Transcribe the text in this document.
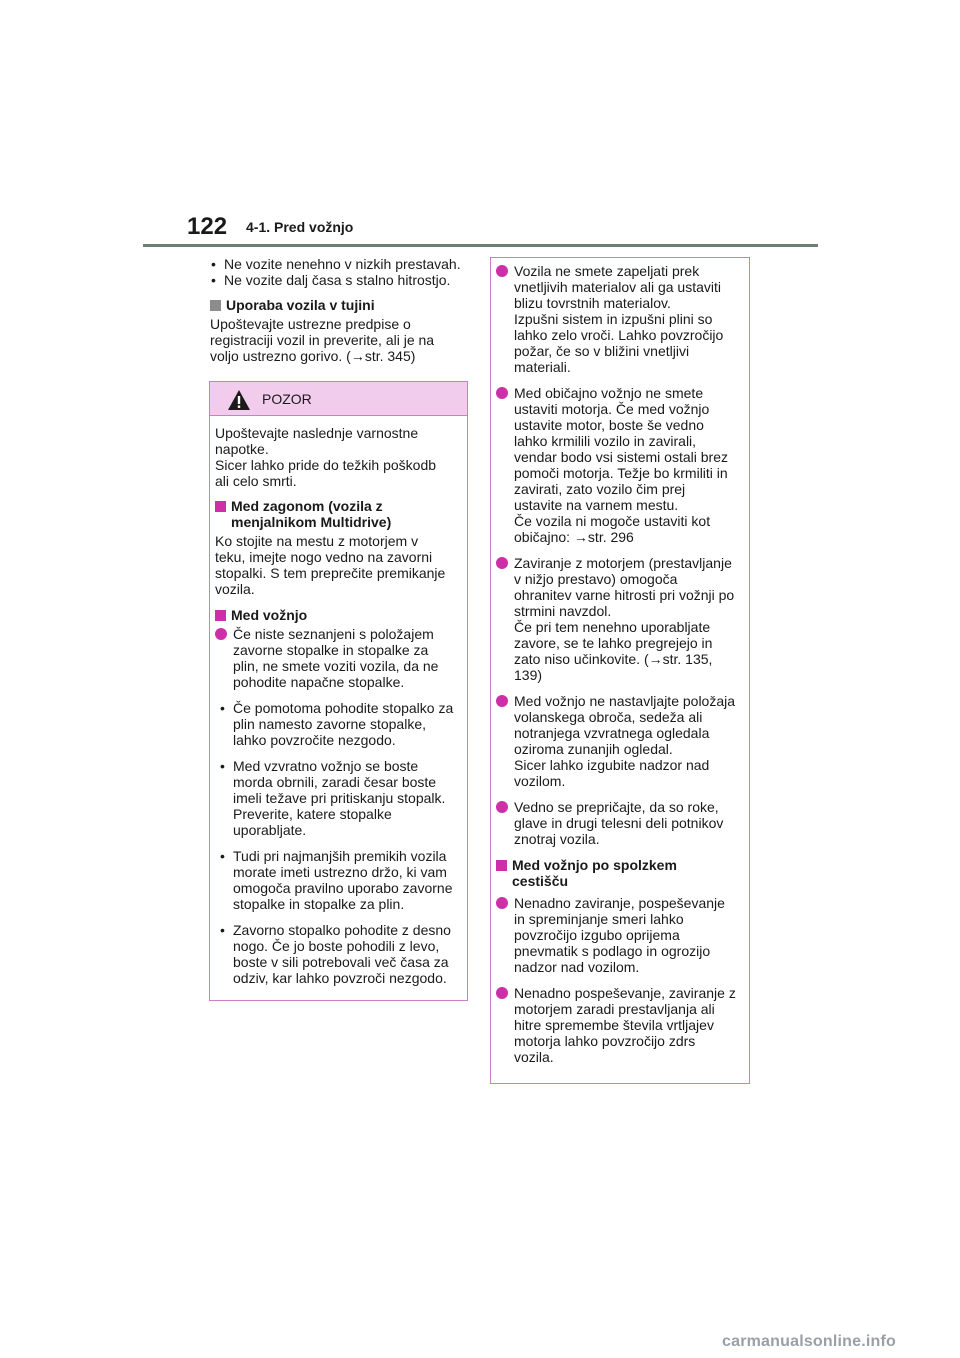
122 4-1. Pred vožnjo
• Ne vozite nenehno v nizkih prestavah.
• Ne vozite dalj časa s stalno hitrostjo.
Uporaba vozila v tujini
Upoštevajte ustrezne predpise o
registraciji vozil in preverite, ali je na
voljo ustrezno gorivo. (→str. 345)
POZOR
Upoštevajte naslednje varnostne
napotke.
Sicer lahko pride do težkih poškodb
ali celo smrti.
Med zagonom (vozila z
menjalnikom Multidrive)
Ko stojite na mestu z motorjem v
teku, imejte nogo vedno na zavorni
stopalki. S tem preprečite premikanje
vozila.
Med vožnjo
Če niste seznanjeni s položajem
zavorne stopalke in stopalke za
plin, ne smete voziti vozila, da ne
pohodite napačne stopalke.
• Če pomotoma pohodite stopalko za
plin namesto zavorne stopalke,
lahko povzročite nezgodo.
• Med vzvratno vožnjo se boste
morda obrnili, zaradi česar boste
imeli težave pri pritiskanju stopalk.
Preverite, katere stopalke
uporabljate.
• Tudi pri najmanjših premikih vozila
morate imeti ustrezno držo, ki vam
omogoča pravilno uporabo zavorne
stopalke in stopalke za plin.
• Zavorno stopalko pohodite z desno
nogo. Če jo boste pohodili z levo,
boste v sili potrebovali več časa za
odziv, kar lahko povzroči nezgodo.
Vozila ne smete zapeljati prek
vnetljivih materialov ali ga ustaviti
blizu tovrstnih materialov.
Izpušni sistem in izpušni plini so
lahko zelo vroči. Lahko povzročijo
požar, če so v bližini vnetljivi
materiali.
Med običajno vožnjo ne smete
ustaviti motorja. Če med vožnjo
ustavite motor, boste še vedno
lahko krmilili vozilo in zavirali,
vendar bodo vsi sistemi ostali brez
pomoči motorja. Težje bo krmiliti in
zavirati, zato vozilo čim prej
ustavite na varnem mestu.
Če vozila ni mogoče ustaviti kot
običajno: →str. 296
Zaviranje z motorjem (prestavljanje
v nižjo prestavo) omogoča
ohranitev varne hitrosti pri vožnji po
strmini navzdol.
Če pri tem nenehno uporabljate
zavore, se te lahko pregrejejo in
zato niso učinkovite. (→str. 135,
139)
Med vožnjo ne nastavljajte položaja
volanskega obroča, sedeža ali
notranjega vzvratnega ogledala
oziroma zunanjih ogledal.
Sicer lahko izgubite nadzor nad
vozilom.
Vedno se prepričajte, da so roke,
glave in drugi telesni deli potnikov
znotraj vozila.
Med vožnjo po spolzkem
cestišču
Nenadno zaviranje, pospeševanje
in spreminjanje smeri lahko
povzročijo izgubo oprijema
pnevmatik s podlago in ogrozijo
nadzor nad vozilom.
Nenadno pospeševanje, zaviranje z
motorjem zaradi prestavljanja ali
hitre spremembe števila vrtljajev
motorja lahko povzročijo zdrs
vozila.
carmanualsonline.info
